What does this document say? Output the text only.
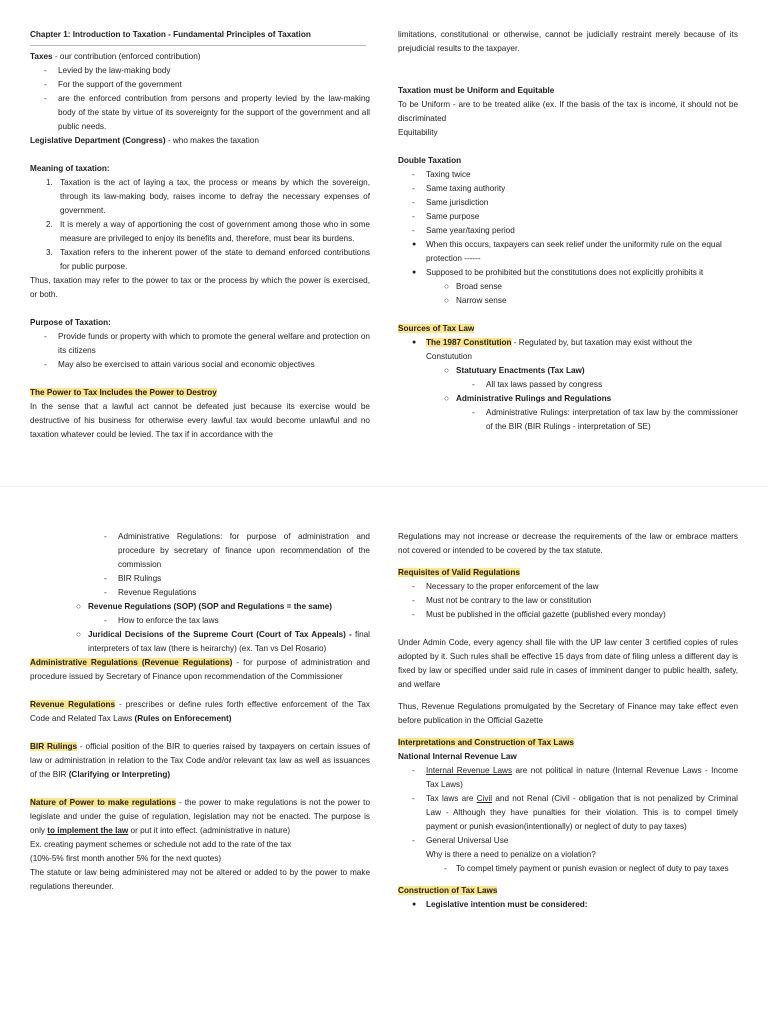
Chapter 1: Introduction to Taxation - Fundamental Principles of Taxation
Taxes - our contribution (enforced contribution)
- Levied by the law-making body
- For the support of the government
- are the enforced contribution from persons and property levied by the law-making body of the state by virtue of its sovereignty for the support of the government and all public needs.
Legislative Department (Congress) - who makes the taxation
Meaning of taxation:
1. Taxation is the act of laying a tax, the process or means by which the sovereign, through its law-making body, raises income to defray the necessary expenses of government.
2. It is merely a way of apportioning the cost of government among those who in some measure are privileged to enjoy its benefits and, therefore, must bear its burdens.
3. Taxation refers to the inherent power of the state to demand enforced contributions for public purpose.
Thus, taxation may refer to the power to tax or the process by which the power is exercised, or both.
Purpose of Taxation:
- Provide funds or property with which to promote the general welfare and protection on its citizens
- May also be exercised to attain various social and economic objectives
The Power to Tax Includes the Power to Destroy
In the sense that a lawful act cannot be defeated just because its exercise would be destructive of his business for otherwise every lawful tax would become unlawful and no taxation whatever could be levied. The tax if in accordance with the
limitations, constitutional or otherwise, cannot be judicially restraint merely because of its prejudicial results to the taxpayer.
Taxation must be Uniform and Equitable
To be Uniform - are to be treated alike (ex. If the basis of the tax is income, it should not be discriminated
Equitability
Double Taxation
- Taxing twice
- Same taxing authority
- Same jurisdiction
- Same purpose
- Same year/taxing period
● When this occurs, taxpayers can seek relief under the uniformity rule on the equal protection ------
● Supposed to be prohibited but the constitutions does not explicitly prohibits it
○ Broad sense
○ Narrow sense
Sources of Tax Law
● The 1987 Constitution - Regulated by, but taxation may exist without the Constutution
○ Statutuary Enactments (Tax Law)
- All tax laws passed by congress
○ Administrative Rulings and Regulations
- Administrative Rulings: interpretation of tax law by the commissioner of the BIR (BIR Rulings - interpretation of SE)
- Administrative Regulations: for purpose of administration and procedure by secretary of finance upon recommendation of the commission
- BIR Rulings
- Revenue Regulations
○ Revenue Regulations (SOP) (SOP and Regulations = the same)
- How to enforce the tax laws
○ Juridical Decisions of the Supreme Court (Court of Tax Appeals) - final interpreters of tax law (there is heirarchy) (ex. Tan vs Del Rosario)
Administrative Regulations (Revenue Regulations) - for purpose of administration and procedure issued by Secretary of Finance upon recommendation of the Commissioner
Revenue Regulations - prescribes or define rules forth effective enforcement of the Tax Code and Related Tax Laws (Rules on Enforecement)
BIR Rulings - official position of the BIR to queries raised by taxpayers on certain issues of law or administration in relation to the Tax Code and/or relevant tax law as well as issuances of the BIR (Clarifying or Interpreting)
Nature of Power to make regulations - the power to make regulations is not the power to legislate and under the guise of regulation, legislation may not be enacted. The purpose is only to implement the law or put it into effect. (administrative in nature)
Ex. creating payment schemes or schedule not add to the rate of the tax
(10%-5% first month another 5% for the next quotes)
The statute or law being administered may not be altered or added to by the power to make regulations thereunder.
Regulations may not increase or decrease the requirements of the law or embrace matters not covered or intended to be covered by the tax statute.
Requisites of Valid Regulations
- Necessary to the proper enforcement of the law
- Must not be contrary to the law or constitution
- Must be published in the official gazette (published every monday)
Under Admin Code, every agency shall file with the UP law center 3 certified copies of rules adopted by it. Such rules shall be effective 15 days from date of filing unless a different day is fixed by law or specified under said rule in cases of imminent danger to public health, safety, and welfare
Thus, Revenue Regulations promulgated by the Secretary of Finance may take effect even before publication in the Official Gazette
Interpretations and Construction of Tax Laws
National Internal Revenue Law
- Internal Revenue Laws are not political in nature (Internal Revenue Laws - Income Tax Laws)
- Tax laws are Civil and not Renal (Civil - obligation that is not penalized by Criminal Law - Although they have punalties for their violation. This is to compel timely payment or punish evasion(intentionally) or neglect of duty to pay taxes)
- General Universal Use
Why is there a need to penalize on a violation?
- To compel timely payment or punish evasion or neglect of duty to pay taxes
Construction of Tax Laws
● Legislative intention must be considered:
